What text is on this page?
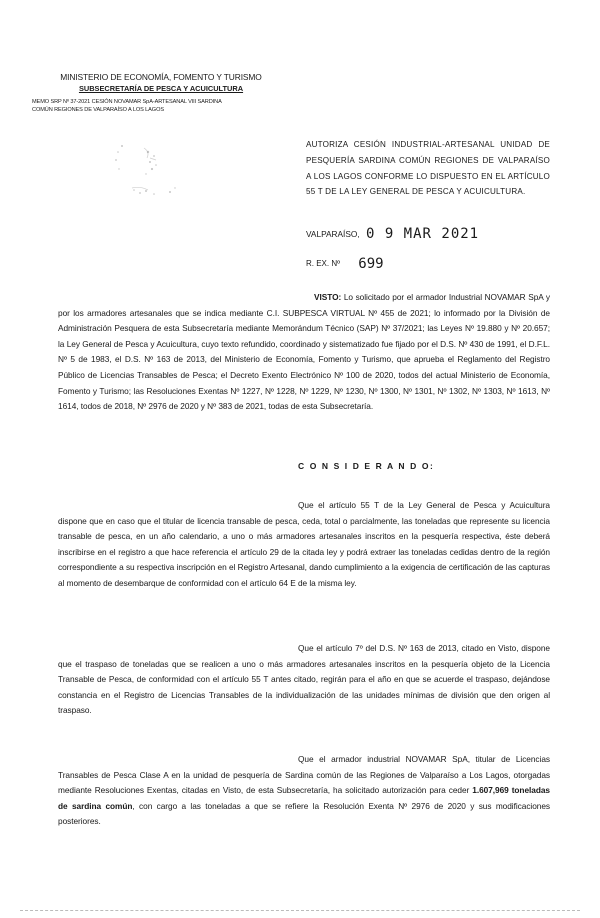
MINISTERIO DE ECONOMÍA, FOMENTO Y TURISMO
SUBSECRETARÍA DE PESCA Y ACUICULTURA
MEMO SRP Nº 37-2021 CESIÓN NOVAMAR SpA-ARTESANAL VIII SARDINA
COMÚN REGIONES DE VALPARAÍSO A LOS LAGOS
AUTORIZA CESIÓN INDUSTRIAL-ARTESANAL UNIDAD DE PESQUERÍA SARDINA COMÚN REGIONES DE VALPARAÍSO A LOS LAGOS CONFORME LO DISPUESTO EN EL ARTÍCULO 55 T DE LA LEY GENERAL DE PESCA Y ACUICULTURA.
VALPARAÍSO, 0 9 MAR 2021
R. EX. Nº 699
VISTO: Lo solicitado por el armador Industrial NOVAMAR SpA y por los armadores artesanales que se indica mediante C.I. SUBPESCA VIRTUAL Nº 455 de 2021; lo informado por la División de Administración Pesquera de esta Subsecretaría mediante Memorándum Técnico (SAP) Nº 37/2021; las Leyes Nº 19.880 y Nº 20.657; la Ley General de Pesca y Acuicultura, cuyo texto refundido, coordinado y sistematizado fue fijado por el D.S. Nº 430 de 1991, el D.F.L. Nº 5 de 1983, el D.S. Nº 163 de 2013, del Ministerio de Economía, Fomento y Turismo, que aprueba el Reglamento del Registro Público de Licencias Transables de Pesca; el Decreto Exento Electrónico Nº 100 de 2020, todos del actual Ministerio de Economía, Fomento y Turismo; las Resoluciones Exentas Nº 1227, Nº 1228, Nº 1229, Nº 1230, Nº 1300, Nº 1301, Nº 1302, Nº 1303, Nº 1613, Nº 1614, todos de 2018, Nº 2976 de 2020 y Nº 383 de 2021, todas de esta Subsecretaría.
C O N S I D E R A N D O:
Que el artículo 55 T de la Ley General de Pesca y Acuicultura dispone que en caso que el titular de licencia transable de pesca, ceda, total o parcialmente, las toneladas que represente su licencia transable de pesca, en un año calendario, a uno o más armadores artesanales inscritos en la pesquería respectiva, éste deberá inscribirse en el registro a que hace referencia el artículo 29 de la citada ley y podrá extraer las toneladas cedidas dentro de la región correspondiente a su respectiva inscripción en el Registro Artesanal, dando cumplimiento a la exigencia de certificación de las capturas al momento de desembarque de conformidad con el artículo 64 E de la misma ley.
Que el artículo 7º del D.S. Nº 163 de 2013, citado en Visto, dispone que el traspaso de toneladas que se realicen a uno o más armadores artesanales inscritos en la pesquería objeto de la Licencia Transable de Pesca, de conformidad con el artículo 55 T antes citado, regirán para el año en que se acuerde el traspaso, dejándose constancia en el Registro de Licencias Transables de la individualización de las unidades mínimas de división que den origen al traspaso.
Que el armador industrial NOVAMAR SpA, titular de Licencias Transables de Pesca Clase A en la unidad de pesquería de Sardina común de las Regiones de Valparaíso a Los Lagos, otorgadas mediante Resoluciones Exentas, citadas en Visto, de esta Subsecretaría, ha solicitado autorización para ceder 1.607,969 toneladas de sardina común, con cargo a las toneladas a que se refiere la Resolución Exenta Nº 2976 de 2020 y sus modificaciones posteriores.
